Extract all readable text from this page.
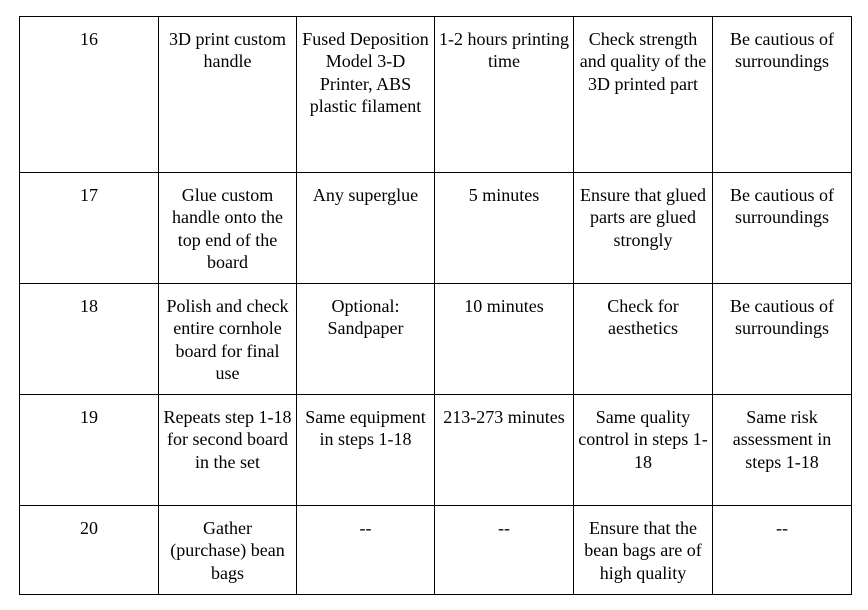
16	3D print custom handle	Fused Deposition Model 3-D Printer, ABS plastic filament	1-2 hours printing time	Check strength and quality of the 3D printed part	Be cautious of surroundings

17	Glue custom handle onto the top end of the board	Any superglue	5 minutes	Ensure that glued parts are glued strongly	Be cautious of surroundings

18	Polish and check entire cornhole board for final use	Optional: Sandpaper	10 minutes	Check for aesthetics	Be cautious of surroundings

19	Repeats step 1-18 for second board in the set	Same equipment in steps 1-18	213-273 minutes	Same quality control in steps 1-18	Same risk assessment in steps 1-18

20	Gather (purchase) bean bags	--	--	Ensure that the bean bags are of high quality	--
